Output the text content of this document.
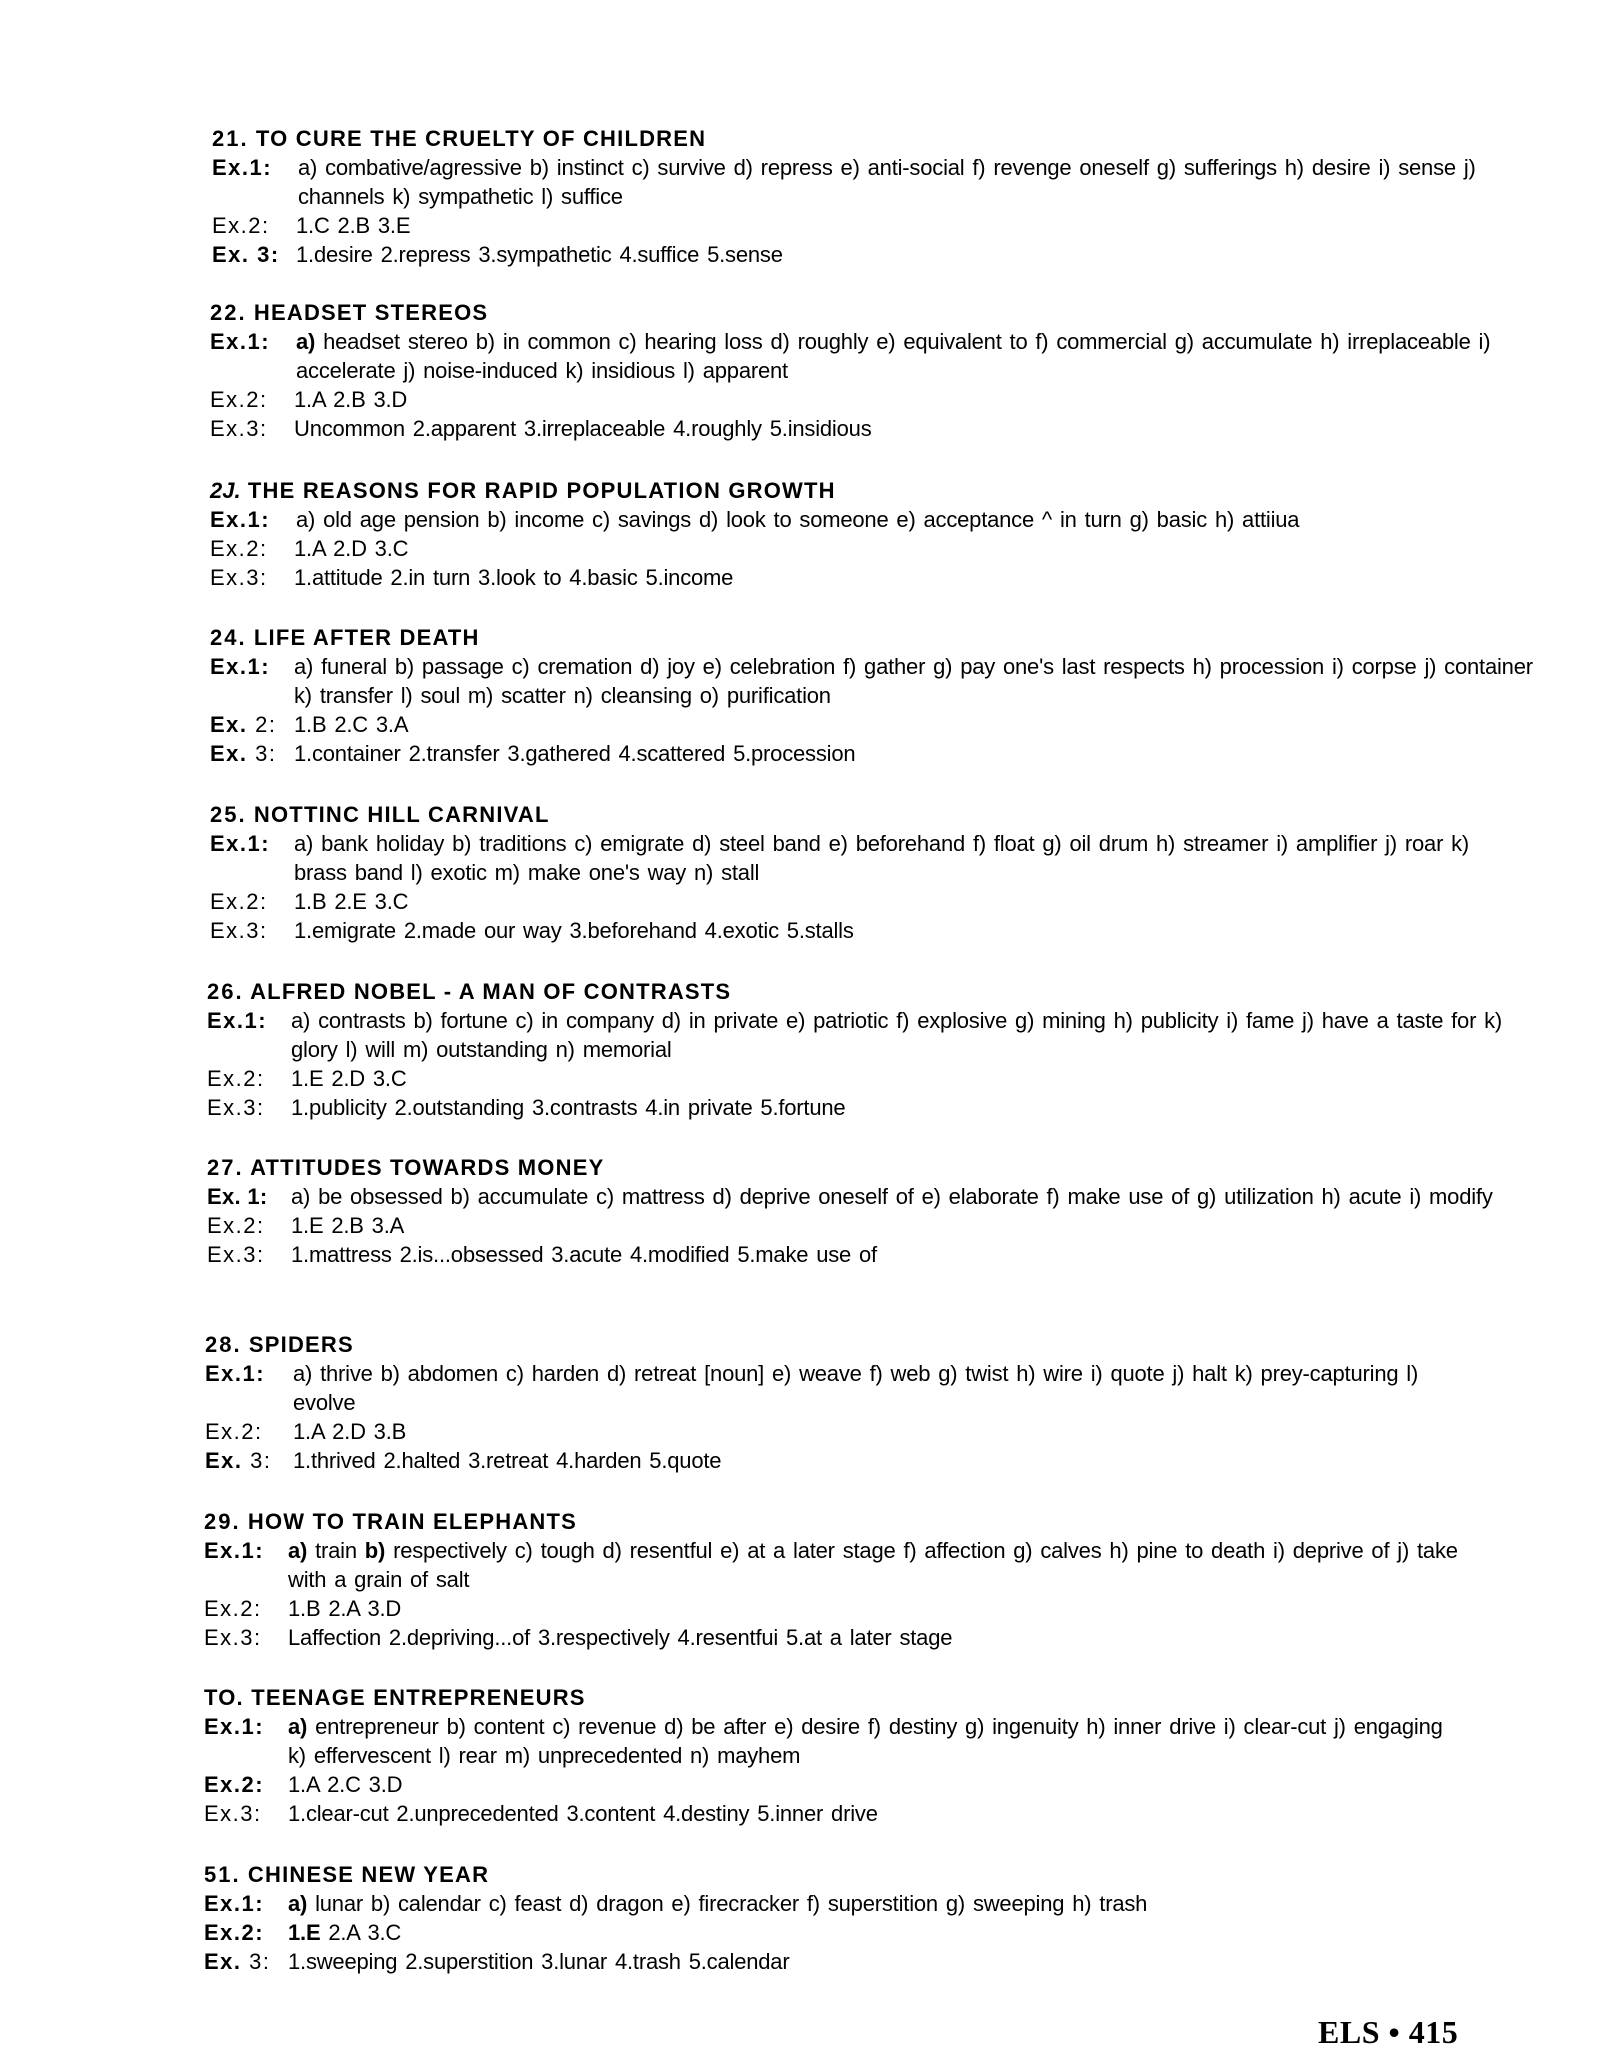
21. TO CURE THE CRUELTY OF CHILDREN
Ex.1:	a) combative/agressive b) instinct c) survive d) repress e) anti-social f) revenge oneself g) sufferings h) desire i) sense j) channels k) sympathetic l) suffice
Ex.2:	1.C 2.B 3.E
Ex. 3: 1.desire 2.repress 3.sympathetic 4.suffice 5.sense
22. HEADSET STEREOS
Ex.1:	a) headset stereo b) in common c) hearing loss d) roughly e) equivalent to f) commercial g) accumulate h) irreplaceable i) accelerate j) noise-induced k) insidious l) apparent
Ex.2:	1.A 2.B 3.D
Ex.3:	Uncommon 2.apparent 3.irreplaceable 4.roughly 5.insidious
2J. THE REASONS FOR RAPID POPULATION GROWTH
Ex.1:	a) old age pension b) income c) savings d) look to someone e) acceptance ^ in turn g) basic h) attiiua
Ex.2:	1.A 2.D 3.C
Ex.3:	1.attitude 2.in turn 3.look to 4.basic 5.income
24. LIFE AFTER DEATH
Ex.1:	a) funeral b) passage c) cremation d) joy e) celebration f) gather g) pay one's last respects h) procession i) corpse j) container k) transfer l) soul m) scatter n) cleansing o) purification
Ex. 2: 1.B 2.C 3.A
Ex. 3: 1.container 2.transfer 3.gathered 4.scattered 5.procession
25. NOTTINC HILL CARNIVAL
Ex.1:	a) bank holiday b) traditions c) emigrate d) steel band e) beforehand f) float g) oil drum h) streamer i) amplifier j) roar k) brass band l) exotic m) make one's way n) stall
Ex.2:	1.B 2.E 3.C
Ex.3:	1.emigrate 2.made our way 3.beforehand 4.exotic 5.stalls
26. ALFRED NOBEL - A MAN OF CONTRASTS
Ex.1:	a) contrasts b) fortune c) in company d) in private e) patriotic f) explosive g) mining h) publicity i) fame j) have a taste for k) glory l) will m) outstanding n) memorial
Ex.2:	1.E 2.D 3.C
Ex.3:	1.publicity 2.outstanding 3.contrasts 4.in private 5.fortune
27. ATTITUDES TOWARDS MONEY
Ex. 1:	a) be obsessed b) accumulate c) mattress d) deprive oneself of e) elaborate f) make use of g) utilization h) acute i) modify
Ex.2:	1.E 2.B 3.A
Ex.3:	1.mattress 2.is...obsessed 3.acute 4.modified 5.make use of
28. SPIDERS
Ex.1:	a) thrive b) abdomen c) harden d) retreat [noun] e) weave f) web g) twist h) wire i) quote j) halt k) prey-capturing l) evolve
Ex.2:	1.A 2.D 3.B
Ex. 3: 1.thrived 2.halted 3.retreat 4.harden 5.quote
29. HOW TO TRAIN ELEPHANTS
Ex.1:	a) train b) respectively c) tough d) resentful e) at a later stage f) affection g) calves h) pine to death i) deprive of j) take with a grain of salt
Ex.2:	1.B 2.A 3.D
Ex.3:	Laffection 2.depriving...of 3.respectively 4.resentfui 5.at a later stage
TO. TEENAGE ENTREPRENEURS
Ex.1:	a) entrepreneur b) content c) revenue d) be after e) desire f) destiny g) ingenuity h) inner drive i) clear-cut j) engaging k) effervescent l) rear m) unprecedented n) mayhem
Ex.2:	1.A 2.C 3.D
Ex.3:	1.clear-cut 2.unprecedented 3.content 4.destiny 5.inner drive
51. CHINESE NEW YEAR
Ex.1:	a) lunar b) calendar c) feast d) dragon e) firecracker f) superstition g) sweeping h) trash
Ex.2:	1.E 2.A 3.C
Ex. 3: 1.sweeping 2.superstition 3.lunar 4.trash 5.calendar
ELS • 415
